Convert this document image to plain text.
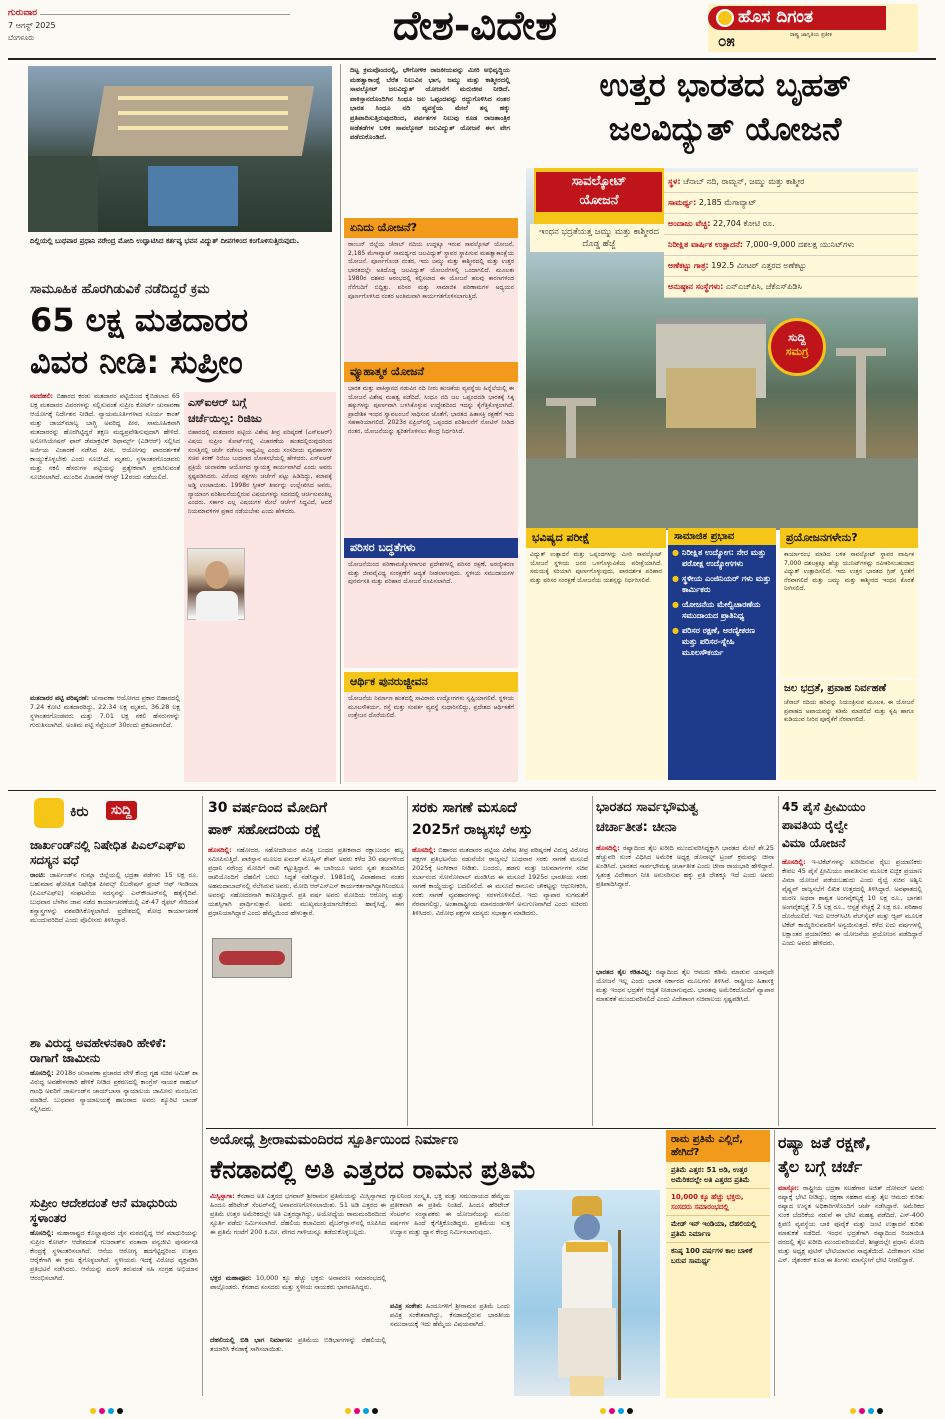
ಗುರುವಾರ
7 ಆಗಸ್ಟ್ 2025
ಬೆಂಗಳೂರು	ದೇಶ-ವಿದೇಶ	ಹೊಸ ದಿಗಂತ
ರಾಷ್ಟ್ರ ಜಾಗೃತಿಯ ಪ್ರತೀಕ
೦೫
ದಿಲ್ಲಿಯಲ್ಲಿ ಬುಧವಾರ ಪ್ರಧಾನಿ ನರೇಂದ್ರ ಮೋದಿ ಉದ್ಘಾಟಿಸಿದ ಕರ್ತವ್ಯ ಭವನ ವಿದ್ಯುತ್ ದೀಪಗಳಿಂದ ಕಂಗೊಳಿಸುತ್ತಿರುವುದು.
ದಿಟ್ಟ ಕ್ರಮವೊಂದರಲ್ಲಿ, ಭೌಗೋಳಿಕ ರಾಜಕೀಯವನ್ನು ಮೀರಿ ಅಭಿವೃದ್ಧಿಯ ಮಹತ್ವಾಕಾಂಕ್ಷೆ ಬೆರೆತ ನಿಲುವಿನ ಭಾಗ, ಜಮ್ಮು ಮತ್ತು ಕಾಶ್ಮೀರದಲ್ಲಿ ಸಾವಲ್ಕೋಟ್ ಜಲವಿದ್ಯುತ್ ಯೋಜನೆಗೆ ಮರುಜೀವ ನೀಡಿದೆ. ಪಾಕಿಸ್ತಾನದೊಂದಿಗಿನ ಸಿಂಧೂ ಜಲ ಒಪ್ಪಂದವನ್ನು ರದ್ದುಗೊಳಿಸಿದ ನಂತರ ಭಾರತ ಸಿಂಧೂ ನದಿ ವ್ಯವಸ್ಥೆಯ ಮೇಲೆ ತನ್ನ ಹಕ್ಕು ಪ್ರತಿಪಾದಿಸುತ್ತಿರುವುದರಿಂದ, ಪರ್ವತಗಳ ನಿಲುವು ಕೂಡ ರಾಜತಾಂತ್ರಿಕ ಅಡೆತಡೆಗಳ ಬಳಿಕ ಸಾವಲ್ಕೋಟ್ ಜಲವಿದ್ಯುತ್ ಯೋಜನೆ ಈಗ ವೇಗ ಪಡೆದುಕೊಂಡಿದೆ.
ಉತ್ತರ ಭಾರತದ ಬೃಹತ್
ಜಲವಿದ್ಯುತ್ ಯೋಜನೆ
ಏನಿದು ಯೋಜನೆ?
ರಾಂಬನ್ ಜಿಲ್ಲೆಯ ಚೆನಾಬ್ ನದಿಯ ಉದ್ದಕ್ಕೂ ಇರುವ ಸಾವಲ್ಕೋಟ್ ಯೋಜನೆ, 2,185 ಮೆಗಾವ್ಯಾಟ್ ಸಾಮರ್ಥ್ಯದ ಜಲವಿದ್ಯುತ್ ಸ್ಥಾವರ ಸ್ಥಾಪಿಸುವ ಮಹತ್ವಾಕಾಂಕ್ಷೆಯ ಯೋಜನೆ. ಪೂರ್ಣಗೊಂಡ ನಂತರ, ಇದು ಜಮ್ಮು ಮತ್ತು ಕಾಶ್ಮೀರದಲ್ಲಿ ಮತ್ತು ಉತ್ತರ ಭಾರತದಲ್ಲೇ ಅತಿದೊಡ್ಡ ಜಲವಿದ್ಯುತ್ ಯೋಜನೆಗಳಲ್ಲಿ ಒಂದಾಗಲಿದೆ. ಮೂಲತಃ 1980ರ ದಶಕದ ಆರಂಭದಲ್ಲಿ ಕಲ್ಪಿಸಲಾದ ಈ ಯೋಜನೆ ಹಲವು ಕಾರಣಗಳಿಂದ ನೆನೆಗುದಿಗೆ ಬಿದ್ದಿತ್ತು. ಪರಿಸರ ಮತ್ತು ಸಾಮಾಜಿಕ ಪರಿಣಾಮಗಳ ಅಧ್ಯಯನ ಪೂರ್ಣಗೊಳಿಸಿದ ನಂತರ ಅಂತಿಮವಾಗಿ ಕಾರ್ಯಗತಗೊಳಿಸಲಾಗುತ್ತಿದೆ.
ವ್ಯೂಹಾತ್ಮಕ ಯೋಜನೆ
ಭಾರತ ಮತ್ತು ಪಾಕಿಸ್ತಾನದ ನಡುವಿನ ನದಿ ನೀರು ಹಂಚಿಕೆಯ ವ್ಯವಸ್ಥೆಯ ಹಿನ್ನೆಲೆಯಲ್ಲಿ ಈ ಯೋಜನೆ ವಿಶೇಷ ಮಹತ್ವ ಪಡೆದಿದೆ. ಸಿಂಧೂ ನದಿ ಜಲ ಒಪ್ಪಂದದಡಿ ಭಾರತಕ್ಕೆ ಸಿಕ್ಕ ಹಕ್ಕುಗಳನ್ನು ಪೂರ್ಣವಾಗಿ ಬಳಸಿಕೊಳ್ಳುವ ಉದ್ದೇಶದಿಂದ ಇದನ್ನು ಕೈಗೆತ್ತಿಕೊಳ್ಳಲಾಗಿದೆ. ಪ್ರಾದೇಶಿಕ ಇಂಧನ ಸ್ವಾವಲಂಬನೆ ಸಾಧಿಸುವ ಜೊತೆಗೆ, ಭಾರತದ ಹಿತಾಸಕ್ತಿ ರಕ್ಷಣೆಗೆ ಇದು ಸಹಕಾರಿಯಾಗಲಿದೆ. 2023ರ ಏಪ್ರಿಲ್‌ನಲ್ಲಿ ಒಪ್ಪಂದದ ಪರಿಶೀಲನೆಗೆ ನೋಟಿಸ್ ನೀಡಿದ ನಂತರ, ಯೋಜನೆಯನ್ನು ತ್ವರಿತಗೊಳಿಸಲು ಕೇಂದ್ರ ನಿರ್ಧರಿಸಿದೆ.
ಪರಿಸರ ಬದ್ಧತೆಗಳು
ಯೋಜನೆಯಿಂದ ಪರಿಣಾಮಕ್ಕೊಳಗಾಗುವ ಪ್ರದೇಶಗಳಲ್ಲಿ ಪರಿಸರ ರಕ್ಷಣೆ, ಅರಣ್ಯೀಕರಣ ಮತ್ತು ಜೀವವೈವಿಧ್ಯ ಸಂರಕ್ಷಣೆಗೆ ಆದ್ಯತೆ ನೀಡಲಾಗುವುದು. ಸ್ಥಳೀಯ ಸಮುದಾಯಗಳ ಪುನರ್ವಸತಿ ಮತ್ತು ಪರಿಹಾರ ಯೋಜನೆ ರೂಪಿಸಲಾಗಿದೆ.
ಆರ್ಥಿಕ ಪುನರುಜ್ಜೀವನ
ಯೋಜನೆಯ ನಿರ್ಮಾಣ ಹಂತದಲ್ಲಿ ಸಾವಿರಾರು ಉದ್ಯೋಗಗಳು ಸೃಷ್ಟಿಯಾಗಲಿವೆ. ಸ್ಥಳೀಯ ಮೂಲಸೌಕರ್ಯ, ರಸ್ತೆ ಮತ್ತು ಸಂಪರ್ಕ ವ್ಯವಸ್ಥೆ ಸುಧಾರಿಸಲಿದ್ದು, ಪ್ರದೇಶದ ಆರ್ಥಿಕತೆಗೆ ಉತ್ತೇಜನ ದೊರೆಯಲಿದೆ.
ಸಾವಲ್ಕೋಟ್
ಯೋಜನೆ
ಇಂಧನ ಭದ್ರತೆಯತ್ತ ಜಮ್ಮು ಮತ್ತು ಕಾಶ್ಮೀರದ ದೊಡ್ಡ ಹೆಜ್ಜೆ
ಸ್ಥಳ: ಚೆನಾಬ್ ನದಿ, ರಾಮ್ಬನ್, ಜಮ್ಮು ಮತ್ತು ಕಾಶ್ಮೀರ
ಸಾಮರ್ಥ್ಯ: 2,185 ಮೆಗಾವ್ಯಾಟ್
ಅಂದಾಜು ವೆಚ್ಚ: 22,704 ಕೋಟಿ ರೂ.
ನಿರೀಕ್ಷಿತ ವಾರ್ಷಿಕ ಉತ್ಪಾದನೆ: 7,000–9,000 ದಶಲಕ್ಷ ಯುನಿಟ್‌ಗಳು
ಅಣೆಕಟ್ಟು ಗಾತ್ರ: 192.5 ಮೀಟರ್ ಎತ್ತರದ ಅಣೆಕಟ್ಟು
ಅನುಷ್ಠಾನ ಸಂಸ್ಥೆಗಳು: ಎನ್‌ಎಚ್‌ಪಿಸಿ, ಜೆಕೆಎಸ್‌ಪಿಡಿಸಿ
ಸುದ್ದಿ
ಸಮಗ್ರ
ಭವಿಷ್ಯದ ಪರೀಕ್ಷೆ
ವಿದ್ಯುತ್ ಉತ್ಪಾದನೆ ಮತ್ತು ಒಪ್ಪಂದಗಳನ್ನು ಮೀರಿ ಸಾವಲ್ಕೋಟ್ ಯೋಜನೆ ಸ್ಥಳೀಯ ಜನರ ಒಳಗೊಳ್ಳುವಿಕೆಯ ಪರೀಕ್ಷೆಯಾಗಿದೆ. ಸಮಯಕ್ಕೆ ಸರಿಯಾಗಿ ಪೂರ್ಣಗೊಳ್ಳುವುದು, ಪಾರದರ್ಶಕ ಪರಿಹಾರ ಮತ್ತು ಪರಿಸರ ಸಂರಕ್ಷಣೆ ಯೋಜನೆಯ ಯಶಸ್ಸನ್ನು ನಿರ್ಧರಿಸಲಿವೆ.
ಸಾಮಾಜಿಕ ಪ್ರಭಾವ
● ನಿರೀಕ್ಷಿತ ಉದ್ಯೋಗ: ನೇರ ಮತ್ತು ಪರೋಕ್ಷ ಉದ್ಯೋಗಗಳು
● ಸ್ಥಳೀಯ ಎಂಜಿನಿಯರ್ ಗಳು ಮತ್ತು ಕಾರ್ಮಿಕರು
● ಯೋಜನೆಯ ಮೇಲ್ವಿಚಾರಣೆಯ ಸಮುದಾಯದ ಪ್ರಾತಿನಿಧ್ಯ
● ಪರಿಸರ ರಕ್ಷಣೆ, ಅರಣ್ಯೀಕರಣ ಮತ್ತು ಪರಿಸರ-ಸ್ನೇಹಿ ಮೂಲಸೌಕರ್ಯ
ಪ್ರಯೋಜನಗಳೇನು?
ಕಾರ್ಯಾರಂಭ ಮಾಡಿದ ಬಳಿಕ ಸಾವಲ್ಕೋಟ್ ಸ್ಥಾವರ ವಾರ್ಷಿಕ 7,000 ದಶಲಕ್ಷಕ್ಕೂ ಹೆಚ್ಚು ಯುನಿಟ್‌ಗಳಷ್ಟು ನವೀಕರಿಸಬಹುದಾದ ವಿದ್ಯುತ್ ಉತ್ಪಾದಿಸಲಿದೆ. ಇದು ಉತ್ತರ ಭಾರತದ ಗ್ರಿಡ್ ಸ್ಥಿರತೆಗೆ ನೆರವಾಗಲಿದೆ ಮತ್ತು ಜಮ್ಮು ಮತ್ತು ಕಾಶ್ಮೀರದ ಇಂಧನ ಕೊರತೆ ನೀಗಿಸಲಿದೆ.
ಜಲ ಭದ್ರತೆ, ಪ್ರವಾಹ ನಿರ್ವಹಣೆ
ಚೆನಾಬ್ ನದಿಯ ಹರಿವನ್ನು ನಿಯಂತ್ರಿಸುವ ಮೂಲಕ, ಈ ಯೋಜನೆ ಪ್ರವಾಹದ ಅಪಾಯವನ್ನು ಕಡಿಮೆ ಮಾಡಲಿದೆ ಮತ್ತು ಕೃಷಿ ಹಾಗೂ ಕುಡಿಯುವ ನೀರಿನ ಪೂರೈಕೆಗೆ ನೆರವಾಗಲಿದೆ.
ಸಾಮೂಹಿಕ ಹೊರಗಿಡುವಿಕೆ ನಡೆದಿದ್ದರೆ ಕ್ರಮ
65 ಲಕ್ಷ ಮತದಾರರ
ವಿವರ ನೀಡಿ: ಸುಪ್ರೀಂ
ನವದೆಹಲಿ: ಬಿಹಾರದ ಕರಡು ಮತದಾರರ ಪಟ್ಟಿಯಿಂದ ಕೈಬಿಡಲಾದ 65 ಲಕ್ಷ ಮತದಾರರ ವಿವರಗಳನ್ನು ಸಲ್ಲಿಸುವಂತೆ ಸುಪ್ರೀಂ ಕೋರ್ಟ್ ಚುನಾವಣಾ ಆಯೋಗಕ್ಕೆ ನಿರ್ದೇಶನ ನೀಡಿದೆ. ನ್ಯಾಯಮೂರ್ತಿಗಳಾದ ಸೂರ್ಯ ಕಾಂತ್ ಮತ್ತು ಜಾಯ್‌ಮಾಲ್ಯ ಬಾಗ್ಚಿ ಅವರಿದ್ದ ಪೀಠ, ಸಾಮೂಹಿಕವಾಗಿ ಮತದಾರರನ್ನು ಹೊರಗಿಟ್ಟಿದ್ದರೆ ತಕ್ಷಣ ಮಧ್ಯಪ್ರವೇಶಿಸುವುದಾಗಿ ಹೇಳಿದೆ. ಅಸೋಸಿಯೇಷನ್ ಫಾರ್ ಡೆಮಾಕ್ರಟಿಕ್ ರಿಫಾರ್ಮ್ಸ್ (ಎಡಿಆರ್) ಸಲ್ಲಿಸಿದ ಅರ್ಜಿಯ ವಿಚಾರಣೆ ನಡೆಸಿದ ಪೀಠ, ಆಯೋಗವು ಪಾರದರ್ಶಕತೆ ಕಾಯ್ದುಕೊಳ್ಳಬೇಕು ಎಂದು ಸೂಚಿಸಿದೆ. ಮೃತರು, ಸ್ಥಳಾಂತರಗೊಂಡವರು ಮತ್ತು ನಕಲಿ ಹೆಸರುಗಳ ಪಟ್ಟಿಯನ್ನು ಪ್ರತ್ಯೇಕವಾಗಿ ಪ್ರಕಟಿಸುವಂತೆ ಸೂಚಿಸಲಾಗಿದೆ. ಮುಂದಿನ ವಿಚಾರಣೆ ಆಗಸ್ಟ್ 12ರಂದು ನಡೆಯಲಿದೆ.
ಮತದಾರರ ಪಟ್ಟಿ ಪರಿಷ್ಕರಣೆ: ಚುನಾವಣಾ ಆಯೋಗದ ಪ್ರಕಾರ ಬಿಹಾರದಲ್ಲಿ 7.24 ಕೋಟಿ ಮತದಾರರಿದ್ದು, 22.34 ಲಕ್ಷ ಮೃತರು, 36.28 ಲಕ್ಷ ಸ್ಥಳಾಂತರಗೊಂಡವರು ಮತ್ತು 7.01 ಲಕ್ಷ ನಕಲಿ ಹೆಸರುಗಳನ್ನು ಗುರುತಿಸಲಾಗಿದೆ. ಅಂತಿಮ ಪಟ್ಟಿ ಸೆಪ್ಟೆಂಬರ್ 30ರಂದು ಪ್ರಕಟವಾಗಲಿದೆ.
ಎಸ್‌ಐಆರ್ ಬಗ್ಗೆ
ಚರ್ಚೆಯಿಲ್ಲ: ರಿಜಿಜು
ಬಿಹಾರದಲ್ಲಿ ಮತದಾರರ ಪಟ್ಟಿಯ ವಿಶೇಷ ತೀವ್ರ ಪರಿಷ್ಕರಣೆ (ಎಸ್‌ಐಆರ್) ವಿಷಯ ಸುಪ್ರೀಂ ಕೋರ್ಟ್‌ನಲ್ಲಿ ವಿಚಾರಣೆಯ ಹಂತದಲ್ಲಿರುವುದರಿಂದ ಸಂಸತ್ತಿನಲ್ಲಿ ಚರ್ಚೆ ನಡೆಸಲು ಸಾಧ್ಯವಿಲ್ಲ ಎಂದು ಸಂಸದೀಯ ವ್ಯವಹಾರಗಳ ಸಚಿವ ಕಿರಣ್ ರಿಜಿಜು ಬುಧವಾರ ಲೋಕಸಭೆಯಲ್ಲಿ ಹೇಳಿದರು. ಎಸ್‌ಐಆರ್ ಪ್ರಕ್ರಿಯೆ ಚುನಾವಣಾ ಆಯೋಗದ ಸ್ವಾಯತ್ತ ಕಾರ್ಯವಾಗಿದೆ ಎಂದು ಅವರು ಸ್ಪಷ್ಟಪಡಿಸಿದರು. ವಿರೋಧ ಪಕ್ಷಗಳು ಚರ್ಚೆಗೆ ಪಟ್ಟು ಹಿಡಿದಿದ್ದು, ಕಲಾಪಕ್ಕೆ ಅಡ್ಡಿ ಉಂಟಾಯಿತು. 1998ರ ಸ್ಪೀಕರ್ ತೀರ್ಪನ್ನು ಉಲ್ಲೇಖಿಸಿದ ಅವರು, ನ್ಯಾಯಾಂಗ ಪರಿಶೀಲನೆಯಲ್ಲಿರುವ ವಿಷಯಗಳನ್ನು ಸದನದಲ್ಲಿ ಚರ್ಚಿಸುವಂತಿಲ್ಲ ಎಂದರು. ಸರ್ಕಾರ ಎಲ್ಲ ವಿಷಯಗಳ ಮೇಲೆ ಚರ್ಚೆಗೆ ಸಿದ್ಧವಿದೆ, ಆದರೆ ನಿಯಮಾವಳಿಗಳ ಪ್ರಕಾರ ನಡೆಯಬೇಕು ಎಂದು ಹೇಳಿದರು.
ಕಿರು	ಸುದ್ದಿ
ಜಾರ್ಖಂಡ್‌ನಲ್ಲಿ ನಿಷೇಧಿತ ಪಿಎಲ್‌ಎಫ್‌ಐ ಸದಸ್ಯನ ವಧೆ
ರಾಂಚಿ: ಜಾರ್ಖಂಡ್‌ನ ಗುಮ್ಲಾ ಜಿಲ್ಲೆಯಲ್ಲಿ ಭದ್ರತಾ ಪಡೆಗಳು 15 ಲಕ್ಷ ರೂ. ಬಹುಮಾನ ಘೋಷಿತ ನಿಷೇಧಿತ ಪೀಪಲ್ಸ್ ಲಿಬರೇಷನ್ ಫ್ರಂಟ್ ಆಫ್ ಇಂಡಿಯಾ (ಪಿಎಲ್‌ಎಫ್‌ಐ) ಸಂಘಟನೆಯ ಸದಸ್ಯನನ್ನು ಎನ್‌ಕೌಂಟರ್‌ನಲ್ಲಿ ಹತ್ಯೆಗೈದಿವೆ. ಬುಧವಾರ ಬೆಳಗಿನ ಜಾವ ನಡೆದ ಕಾರ್ಯಾಚರಣೆಯಲ್ಲಿ ಎಕೆ-47 ರೈಫಲ್ ಸೇರಿದಂತೆ ಶಸ್ತ್ರಾಸ್ತ್ರಗಳನ್ನು ವಶಪಡಿಸಿಕೊಳ್ಳಲಾಗಿದೆ. ಪ್ರದೇಶದಲ್ಲಿ ಶೋಧ ಕಾರ್ಯಾಚರಣೆ ಮುಂದುವರಿದಿದೆ ಎಂದು ಪೊಲೀಸರು ತಿಳಿಸಿದ್ದಾರೆ.
ಶಾ ವಿರುದ್ಧ ಅವಹೇಳನಕಾರಿ ಹೇಳಿಕೆ: ರಾಗಾಗೆ ಜಾಮೀನು
ಹೊಸದಿಲ್ಲಿ: 2018ರ ಚುನಾವಣಾ ಪ್ರಚಾರದ ವೇಳೆ ಕೇಂದ್ರ ಗೃಹ ಸಚಿವ ಅಮಿತ್ ಶಾ ವಿರುದ್ಧ ಅವಹೇಳನಕಾರಿ ಹೇಳಿಕೆ ನೀಡಿದ ಪ್ರಕರಣದಲ್ಲಿ ಕಾಂಗ್ರೆಸ್ ನಾಯಕ ರಾಹುಲ್ ಗಾಂಧಿ ಅವರಿಗೆ ಜಾರ್ಖಂಡ್‌ನ ಚಾಯ್‌ಬಾಸಾ ನ್ಯಾಯಾಲಯ ಜಾಮೀನು ಮಂಜೂರು ಮಾಡಿದೆ. ಬುಧವಾರ ನ್ಯಾಯಾಲಯಕ್ಕೆ ಹಾಜರಾದ ಅವರು ಶ್ಯೂರಿಟಿ ಬಾಂಡ್ ಸಲ್ಲಿಸಿದರು.
ಸುಪ್ರೀಂ ಆದೇಶದಂತೆ ಆನೆ ಮಾಧುರಿಯ ಸ್ಥಳಾಂತರ
ಹೊಸದಿಲ್ಲಿ: ಮಹಾರಾಷ್ಟ್ರದ ಕೊಲ್ಹಾಪುರದ ಜೈನ ಮಠದಲ್ಲಿದ್ದ ಆನೆ ಮಾಧುರಿಯನ್ನು ಸುಪ್ರೀಂ ಕೋರ್ಟ್ ಆದೇಶದಂತೆ ಗುಜರಾತ್‌ನ ವಂತಾರಾ ವನ್ಯಜೀವಿ ಪುನರ್ವಸತಿ ಕೇಂದ್ರಕ್ಕೆ ಸ್ಥಳಾಂತರಿಸಲಾಗಿದೆ. ಆನೆಯ ಆರೋಗ್ಯ ಹದಗೆಟ್ಟಿದ್ದರಿಂದ ಉತ್ತಮ ಆರೈಕೆಗಾಗಿ ಈ ಕ್ರಮ ಕೈಗೊಳ್ಳಲಾಗಿದೆ. ಸ್ಥಳೀಯರು ಇದಕ್ಕೆ ವಿರೋಧ ವ್ಯಕ್ತಪಡಿಸಿ ಪ್ರತಿಭಟನೆ ನಡೆಸಿದರು. ಆನೆಯನ್ನು ಮರಳಿ ತರುವಂತೆ ಸಹಿ ಸಂಗ್ರಹ ಅಭಿಯಾನ ಆರಂಭಿಸಲಾಗಿದೆ.
30 ವರ್ಷದಿಂದ ಮೋದಿಗೆ
ಪಾಕ್ ಸಹೋದರಿಯ ರಕ್ಷೆ
ಹೊಸದಿಲ್ಲಿ: ಸಹೋದರ, ಸಹೋದರಿಯರ ಪವಿತ್ರ ಬಂಧದ ಪ್ರತೀಕವಾದ ರಕ್ಷಾಬಂಧನ ಹಬ್ಬ ಸಮೀಪಿಸುತ್ತಿದೆ. ಪಾಕಿಸ್ತಾನ ಮೂಲದ ಖಮರ್ ಮೊಹ್ಸಿನ್ ಶೇಖ್ ಅವರು ಕಳೆದ 30 ವರ್ಷಗಳಿಂದ ಪ್ರಧಾನಿ ನರೇಂದ್ರ ಮೋದಿಗೆ ರಾಖಿ ಕಟ್ಟುತ್ತಿದ್ದಾರೆ. ಈ ಬಾರಿಯೂ ಅವರು ಸ್ವತಃ ತಯಾರಿಸಿದ ರಾಖಿಯೊಂದಿಗೆ ದೆಹಲಿಗೆ ಬರಲು ಸಿದ್ಧತೆ ನಡೆಸಿದ್ದಾರೆ. 1981ರಲ್ಲಿ ವಿವಾಹವಾದ ನಂತರ ಅಹಮದಾಬಾದ್‌ನಲ್ಲಿ ನೆಲೆಸಿರುವ ಅವರು, ಮೋದಿ ಆರ್‌ಎಸ್‌ಎಸ್ ಕಾರ್ಯಕರ್ತರಾಗಿದ್ದಾಗಿನಿಂದಲೂ ಅವರನ್ನು ಸಹೋದರನಾಗಿ ಕಾಣುತ್ತಿದ್ದಾರೆ. ಪ್ರತಿ ವರ್ಷ ಅವರು ಮೋದಿಯ ಆರೋಗ್ಯ ಮತ್ತು ಯಶಸ್ಸಿಗಾಗಿ ಪ್ರಾರ್ಥಿಸುತ್ತಾರೆ. ಅವರು ಮುಖ್ಯಮಂತ್ರಿಯಾಗಬೇಕೆಂದು ಹಾರೈಸಿದ್ದೆ, ಈಗ ಪ್ರಧಾನಿಯಾಗಿದ್ದಾರೆ ಎಂದು ಹೆಮ್ಮೆಯಿಂದ ಹೇಳುತ್ತಾರೆ.
ಸರಕು ಸಾಗಣೆ ಮಸೂದೆ
2025ಗೆ ರಾಜ್ಯಸಭೆ ಅಸ್ತು
ಹೊಸದಿಲ್ಲಿ: ಬಿಹಾರದ ಮತದಾರರ ಪಟ್ಟಿಯ ವಿಶೇಷ ತೀವ್ರ ಪರಿಷ್ಕರಣೆ ವಿರುದ್ಧ ವಿರೋಧ ಪಕ್ಷಗಳ ಪ್ರತಿಭಟನೆಯ ನಡುವೆಯೇ ರಾಜ್ಯಸಭೆ ಬುಧವಾರ ಸರಕು ಸಾಗಣೆ ಮಸೂದೆ 2025ಕ್ಕೆ ಅಂಗೀಕಾರ ನೀಡಿತು. ಬಂದರು, ಹಡಗು ಮತ್ತು ಜಲಮಾರ್ಗಗಳ ಸಚಿವ ಸರ್ಬಾನಂದ ಸೋನೋವಾಲ್ ಮಂಡಿಸಿದ ಈ ಮಸೂದೆ 1925ರ ಭಾರತೀಯ ಸರಕು ಸಾಗಣೆ ಕಾಯ್ದೆಯನ್ನು ಬದಲಿಸಲಿದೆ. ಈ ಮಸೂದೆ ಕಾನೂನು ಚೌಕಟ್ಟನ್ನು ಆಧುನೀಕರಿಸಿ, ಸರಕು ಸಾಗಣೆ ವ್ಯವಹಾರಗಳನ್ನು ಸರಳಗೊಳಿಸಲಿದೆ. ಇದು ವ್ಯಾಪಾರ ಸುಗಮತೆಗೆ ನೆರವಾಗಲಿದ್ದು, ಅಂತಾರಾಷ್ಟ್ರೀಯ ಮಾನದಂಡಗಳಿಗೆ ಅನುಗುಣವಾಗಿದೆ ಎಂದು ಸಚಿವರು ತಿಳಿಸಿದರು. ವಿರೋಧ ಪಕ್ಷಗಳ ಸದಸ್ಯರು ಸಭಾತ್ಯಾಗ ಮಾಡಿದರು.
ಭಾರತದ ಸಾರ್ವಭೌಮತ್ವ
ಚರ್ಚಾತೀತ: ಚೀನಾ
ಹೊಸದಿಲ್ಲಿ: ರಷ್ಯಾದಿಂದ ತೈಲ ಖರೀದಿ ಮುಂದುವರಿಸಿದ್ದಕ್ಕಾಗಿ ಭಾರತದ ಮೇಲೆ ಶೇ.25 ಹೆಚ್ಚುವರಿ ಸುಂಕ ವಿಧಿಸಿದ ಅಮೆರಿಕ ಅಧ್ಯಕ್ಷ ಡೊನಾಲ್ಡ್ ಟ್ರಂಪ್ ಕ್ರಮವನ್ನು ಚೀನಾ ಖಂಡಿಸಿದೆ. ಭಾರತದ ಸಾರ್ವಭೌಮತ್ವ ಚರ್ಚಾತೀತ ಎಂದು ಚೀನಾ ರಾಯಭಾರಿ ಹೇಳಿದ್ದಾರೆ. ಸ್ವತಂತ್ರ ವಿದೇಶಾಂಗ ನೀತಿ ಅನುಸರಿಸುವ ಹಕ್ಕು ಪ್ರತಿ ದೇಶಕ್ಕೂ ಇದೆ ಎಂದು ಅವರು ಪ್ರತಿಪಾದಿಸಿದ್ದಾರೆ.
ಭಾರತದ ತೈಲ ಕಡಿತವಿಲ್ಲ: ರಷ್ಯಾದಿಂದ ತೈಲ ಆಮದು ಕಡಿಮೆ ಮಾಡುವ ಯಾವುದೇ ಯೋಜನೆ ಇಲ್ಲ ಎಂದು ಭಾರತ ಸರ್ಕಾರದ ಮೂಲಗಳು ತಿಳಿಸಿವೆ. ರಾಷ್ಟ್ರೀಯ ಹಿತಾಸಕ್ತಿ ಮತ್ತು ಇಂಧನ ಭದ್ರತೆಗೆ ಆದ್ಯತೆ ನೀಡಲಾಗುವುದು. ಭಾರತವು ಅಮೆರಿಕದೊಂದಿಗೆ ವ್ಯಾಪಾರ ಮಾತುಕತೆ ಮುಂದುವರಿಸಲಿದೆ ಎಂದು ವಿದೇಶಾಂಗ ಸಚಿವಾಲಯ ಸ್ಪಷ್ಟಪಡಿಸಿದೆ.
45 ಪೈಸೆ ಪ್ರೀಮಿಯಂ
ಪಾವತಿಯ ರೈಲ್ವೇ
ವಿಮಾ ಯೋಜನೆ
ಹೊಸದಿಲ್ಲಿ: ಇ-ಟಿಕೆಟ್‌ಗಳನ್ನು ಖರೀದಿಸುವ ರೈಲು ಪ್ರಯಾಣಿಕರು ಕೇವಲ 45 ಪೈಸೆ ಪ್ರೀಮಿಯಂ ಪಾವತಿಸುವ ಮೂಲಕ ಐಚ್ಛಿಕ ಪ್ರಯಾಣ ವಿಮಾ ಯೋಜನೆ ಪಡೆಯಬಹುದು ಎಂದು ರೈಲ್ವೆ ಸಚಿವ ಅಶ್ವಿನಿ ವೈಷ್ಣವ್ ರಾಜ್ಯಸಭೆಗೆ ಲಿಖಿತ ಉತ್ತರದಲ್ಲಿ ತಿಳಿಸಿದ್ದಾರೆ. ಅಪಘಾತದಲ್ಲಿ ಮರಣ ಅಥವಾ ಶಾಶ್ವತ ಅಂಗವೈಕಲ್ಯಕ್ಕೆ 10 ಲಕ್ಷ ರೂ., ಭಾಗಶಃ ಅಂಗವೈಕಲ್ಯಕ್ಕೆ 7.5 ಲಕ್ಷ ರೂ., ಆಸ್ಪತ್ರೆ ವೆಚ್ಚಕ್ಕೆ 2 ಲಕ್ಷ ರೂ. ಪರಿಹಾರ ದೊರೆಯಲಿದೆ. ಇದು ಐಆರ್‌ಸಿಟಿಸಿ ವೆಬ್‌ಸೈಟ್ ಮತ್ತು ಆ್ಯಪ್ ಮೂಲಕ ಟಿಕೆಟ್ ಕಾಯ್ದಿರಿಸುವವರಿಗೆ ಅನ್ವಯಿಸುತ್ತದೆ. ಕಳೆದ ಐದು ವರ್ಷಗಳಲ್ಲಿ ಲಕ್ಷಾಂತರ ಪ್ರಯಾಣಿಕರು ಈ ಯೋಜನೆಯ ಪ್ರಯೋಜನ ಪಡೆದಿದ್ದಾರೆ ಎಂದು ಅವರು ಹೇಳಿದರು.
ಅಯೋಧ್ಯೆ ಶ್ರೀರಾಮಮಂದಿರದ ಸ್ಫೂರ್ತಿಯಿಂದ ನಿರ್ಮಾಣ
ಕೆನಡಾದಲ್ಲಿ ಅತಿ ಎತ್ತರದ ರಾಮನ ಪ್ರತಿಮೆ
ಮಿಸ್ಸಿಸ್ಸಾಗಾ: ಕೆನಡಾದ ಅತಿ ಎತ್ತರದ ಭಗವಾನ್ ಶ್ರೀರಾಮನ ಪ್ರತಿಮೆಯನ್ನು ಮಿಸ್ಸಿಸ್ಸಾಗಾದ ಹಿಂದೂ ಹೆರಿಟೇಜ್ ಸೆಂಟರ್‌ನಲ್ಲಿ ಅನಾವರಣಗೊಳಿಸಲಾಯಿತು. 51 ಅಡಿ ಎತ್ತರದ ಈ ಪ್ರತಿಮೆ ಉತ್ತರ ಅಮೆರಿಕದಲ್ಲೇ ಅತಿ ಎತ್ತರದ್ದಾಗಿದ್ದು, ಅಯೋಧ್ಯೆಯ ರಾಮಮಂದಿರದಿಂದ ಸ್ಫೂರ್ತಿ ಪಡೆದು ನಿರ್ಮಿಸಲಾಗಿದೆ. ದೆಹಲಿಯ ಕಲಾವಿದರು ಫೈಬರ್‌ಗ್ಲಾಸ್‌ನಲ್ಲಿ ರೂಪಿಸಿದ ಈ ಪ್ರತಿಮೆ ಗಂಟೆಗೆ 200 ಕಿ.ಮೀ. ವೇಗದ ಗಾಳಿಯನ್ನೂ ತಡೆದುಕೊಳ್ಳಬಲ್ಲದು.
ಭಕ್ತರ ಮಹಾಪೂರ: 10,000 ಕ್ಕೂ ಹೆಚ್ಚು ಭಕ್ತರು ಅನಾವರಣ ಸಮಾರಂಭದಲ್ಲಿ ಪಾಲ್ಗೊಂಡರು. ಕೆನಡಾದ ಸಂಸದರು ಮತ್ತು ಸ್ಥಳೀಯ ನಾಯಕರು ಭಾಗವಹಿಸಿದ್ದರು.
ದೆಹಲಿಯಲ್ಲಿ ಬಿಡಿ ಭಾಗ ನಿರ್ಮಾಣ: ಪ್ರತಿಮೆಯ ಬಿಡಿಭಾಗಗಳನ್ನು ದೆಹಲಿಯಲ್ಲಿ ತಯಾರಿಸಿ ಕೆನಡಾಕ್ಕೆ ಸಾಗಿಸಲಾಯಿತು.
ಗ್ಯಾಲನಿಂದ ಸಂಸ್ಕೃತಿ, ಭಕ್ತಿ ಮತ್ತು ಸಮುದಾಯದ ಹೆಮ್ಮೆಯ ಪ್ರತೀಕವಾಗಿ ಈ ಪ್ರತಿಮೆ ನಿಂತಿದೆ. ಹಿಂದೂ ಹೆರಿಟೇಜ್ ಸೆಂಟರ್‌ನ ಸಂಸ್ಥಾಪಕರು ಈ ಯೋಜನೆಯನ್ನು ಮೂರು ವರ್ಷಗಳ ಹಿಂದೆ ಕೈಗೆತ್ತಿಕೊಂಡಿದ್ದರು. ಪ್ರತಿಮೆಯ ಸುತ್ತ ಉದ್ಯಾನ ಮತ್ತು ಧ್ಯಾನ ಕೇಂದ್ರ ನಿರ್ಮಿಸಲಾಗುವುದು.
ಪವಿತ್ರ ಸಂಕೇತ: ಹಿಂದೂಗಳಿಗೆ ಶ್ರೀರಾಮನ ಪ್ರತಿಮೆ ಒಂದು ಪವಿತ್ರ ಸಂಕೇತವಾಗಿದ್ದು, ಕೆನಡಾದಲ್ಲಿರುವ ಭಾರತೀಯ ಸಮುದಾಯಕ್ಕೆ ಇದು ಹೆಮ್ಮೆಯ ವಿಷಯವಾಗಿದೆ.
ರಾಮ ಪ್ರತಿಮೆ ಎಲ್ಲಿದೆ, ಹೇಗಿದೆ?
ಪ್ರತಿಮೆ ಎತ್ತರ: 51 ಅಡಿ, ಉತ್ತರ ಅಮೆರಿಕದಲ್ಲೇ ಅತಿ ಎತ್ತರದ ಪ್ರತಿಮೆ
10,000 ಕ್ಕೂ ಹೆಚ್ಚು ಭಕ್ತರು, ಸಂಸದರು ಸಮಾರಂಭದಲ್ಲಿ
ಮೇಡ್ ಇನ್ ಇಂಡಿಯಾ, ದೆಹಲಿಯಲ್ಲಿ ಪ್ರತಿಮೆ ನಿರ್ಮಾಣ
ಕನಿಷ್ಠ 100 ವರ್ಷಗಳ ಕಾಲ ಬಾಳಿಕೆ ಬರುವ ಸಾಮರ್ಥ್ಯ
ರಷ್ಯಾ ಜತೆ ರಕ್ಷಣೆ,
ತೈಲ ಬಗ್ಗೆ ಚರ್ಚೆ
ಮಾಸ್ಕೋ: ರಾಷ್ಟ್ರೀಯ ಭದ್ರತಾ ಸಲಹೆಗಾರ ಅಜಿತ್ ದೋವಲ್ ಅವರು ರಷ್ಯಾಕ್ಕೆ ಭೇಟಿ ನೀಡಿದ್ದು, ರಕ್ಷಣಾ ಸಹಕಾರ ಮತ್ತು ತೈಲ ಆಮದು ಕುರಿತು ರಷ್ಯಾದ ಉನ್ನತ ಅಧಿಕಾರಿಗಳೊಂದಿಗೆ ಚರ್ಚೆ ನಡೆಸಿದ್ದಾರೆ. ಅಮೆರಿಕದ ಸುಂಕ ಬೆದರಿಕೆಯ ನಡುವೆ ಈ ಭೇಟಿ ಮಹತ್ವ ಪಡೆದಿದೆ. ಎಸ್-400 ಕ್ಷಿಪಣಿ ವ್ಯವಸ್ಥೆಯ ಬಾಕಿ ಪೂರೈಕೆ ಮತ್ತು ಜಂಟಿ ಉತ್ಪಾದನೆ ಕುರಿತು ಮಾತುಕತೆ ನಡೆದಿದೆ. ಇಂಧನ ಭದ್ರತೆಗಾಗಿ ರಷ್ಯಾದಿಂದ ರಿಯಾಯಿತಿ ದರದಲ್ಲಿ ತೈಲ ಖರೀದಿ ಮುಂದುವರಿಯಲಿದೆ. ಶೀಘ್ರದಲ್ಲೇ ಪ್ರಧಾನಿ ಮೋದಿ ಮತ್ತು ಅಧ್ಯಕ್ಷ ಪುಟಿನ್ ಭೇಟಿಯಾಗುವ ಸಾಧ್ಯತೆಯಿದೆ. ವಿದೇಶಾಂಗ ಸಚಿವ ಎಸ್. ಜೈಶಂಕರ್ ಕೂಡ ಈ ತಿಂಗಳು ಮಾಸ್ಕೋಗೆ ಭೇಟಿ ನೀಡಲಿದ್ದಾರೆ.
